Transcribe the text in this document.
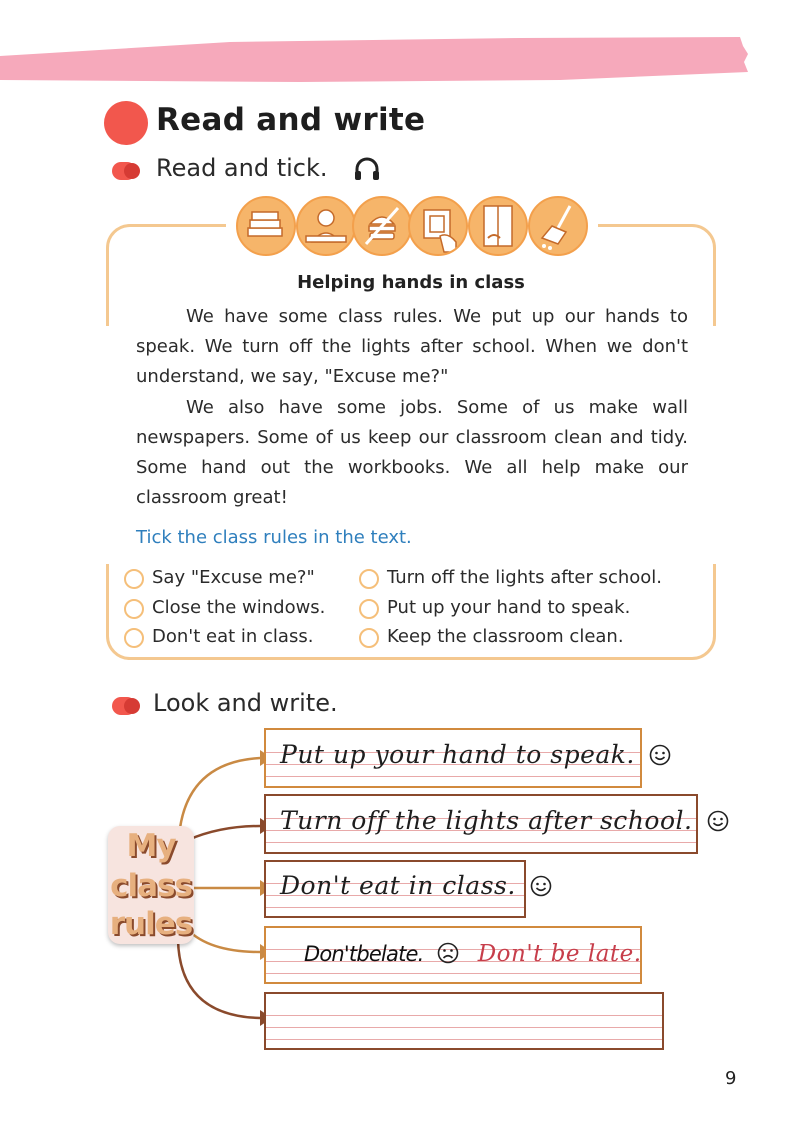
Read and write
Read and tick.
Helping hands in class
We have some class rules. We put up our hands to speak. We turn off the lights after school. When we don't understand, we say, "Excuse me?"
We also have some jobs. Some of us make wall newspapers. Some of us keep our classroom clean and tidy. Some hand out the workbooks. We all help make our classroom great!
Tick the class rules in the text.
Say "Excuse me?"	Turn off the lights after school.
Close the windows.	Put up your hand to speak.
Don't eat in class.	Keep the classroom clean.
Look and write.
My
class
rules
Put up your hand to speak.
Turn off the lights after school.
Don't eat in class.
Don'tbelate. Don't be late.
9
